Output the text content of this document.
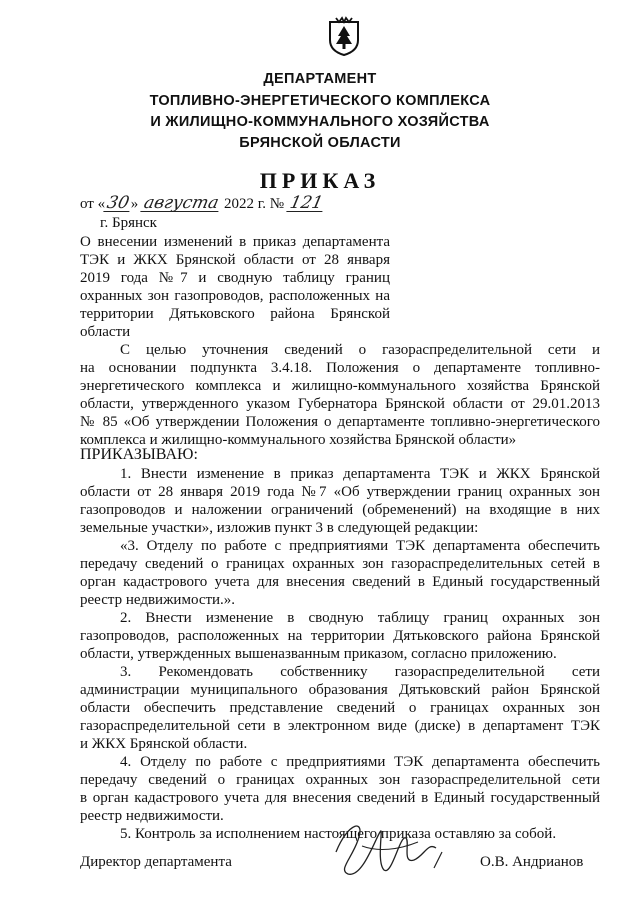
ДЕПАРТАМЕНТ
ТОПЛИВНО-ЭНЕРГЕТИЧЕСКОГО КОМПЛЕКСА
И ЖИЛИЩНО-КОММУНАЛЬНОГО ХОЗЯЙСТВА
БРЯНСКОЙ ОБЛАСТИ
ПРИКАЗ
от «30» августа 2022 г. № 121
г. Брянск
О внесении изменений в приказ департамента
ТЭК и ЖКХ Брянской области от 28 января
2019 года №7 и сводную таблицу границ
охранных зон газопроводов, расположенных на
территории Дятьковского района Брянской
области
С целью уточнения сведений о газораспределительной сети и
на основании подпункта 3.4.18. Положения о департаменте топливно-
энергетического комплекса и жилищно-коммунального хозяйства Брянской
области, утвержденного указом Губернатора Брянской области от 29.01.2013
№ 85 «Об утверждении Положения о департаменте топливно-энергетического
комплекса и жилищно-коммунального хозяйства Брянской области»
ПРИКАЗЫВАЮ:
1. Внести изменение в приказ департамента ТЭК и ЖКХ Брянской
области от 28 января 2019 года №7 «Об утверждении границ охранных зон
газопроводов и наложении ограничений (обременений) на входящие в них
земельные участки», изложив пункт 3 в следующей редакции:
«3. Отделу по работе с предприятиями ТЭК департамента обеспечить
передачу сведений о границах охранных зон газораспределительных сетей в
орган кадастрового учета для внесения сведений в Единый государственный
реестр недвижимости.».
2. Внести изменение в сводную таблицу границ охранных зон
газопроводов, расположенных на территории Дятьковского района Брянской
области, утвержденных вышеназванным приказом, согласно приложению.
3. Рекомендовать собственнику газораспределительной сети
администрации муниципального образования Дятьковский район Брянской
области обеспечить представление сведений о границах охранных зон
газораспределительной сети в электронном виде (диске) в департамент ТЭК
и ЖКХ Брянской области.
4. Отделу по работе с предприятиями ТЭК департамента обеспечить
передачу сведений о границах охранных зон газораспределительной сети
в орган кадастрового учета для внесения сведений в Единый государственный
реестр недвижимости.
5. Контроль за исполнением настоящего приказа оставляю за собой.
Директор департамента	О.В. Андрианов
